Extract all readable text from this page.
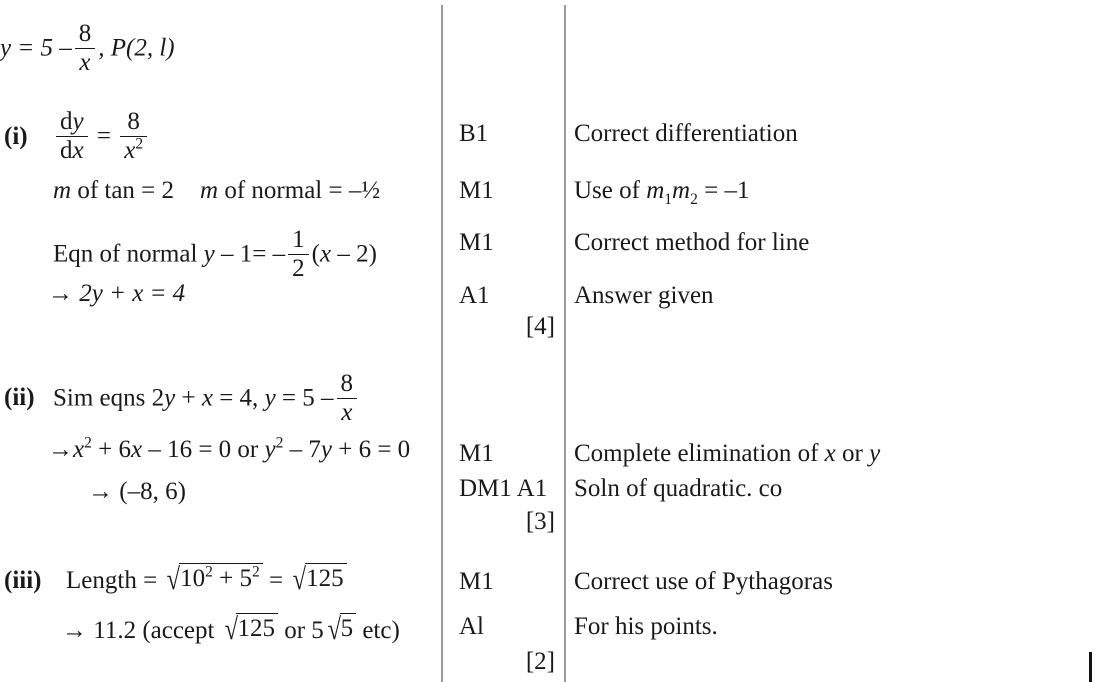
$y = 5 - \frac{8}{x}$ , P(2, l)
$(i) \frac{dy}{dx} = \frac{8}{x^2}$
m of tan = 2 m of normal = –½
Eqn of normal $y - 1= - \frac{1}{2} (x - 2)$
→ 2y + x = 4
B1
M1
M1
A1
[4]
Correct differentiation
Use of $m_1m_2 = -1$
Correct method for line
Answer given
(ii) Sim eqns 2y + x = 4, $y = 5 - \frac{8}{x}$
$\to x^2 + 6x - 16 = 0$ or $y^2 - 7y + 6 = 0$
→ (–8, 6)
M1
DM1 A1
[3]
Complete elimination of x or y
Soln of quadratic. co
(iii) Length = $√10^2 + 5^2 = √125$
→ 11.2 (accept √125 or 5 √5 etc)
M1
Al
[2]
Correct use of Pythagoras
For his points.
